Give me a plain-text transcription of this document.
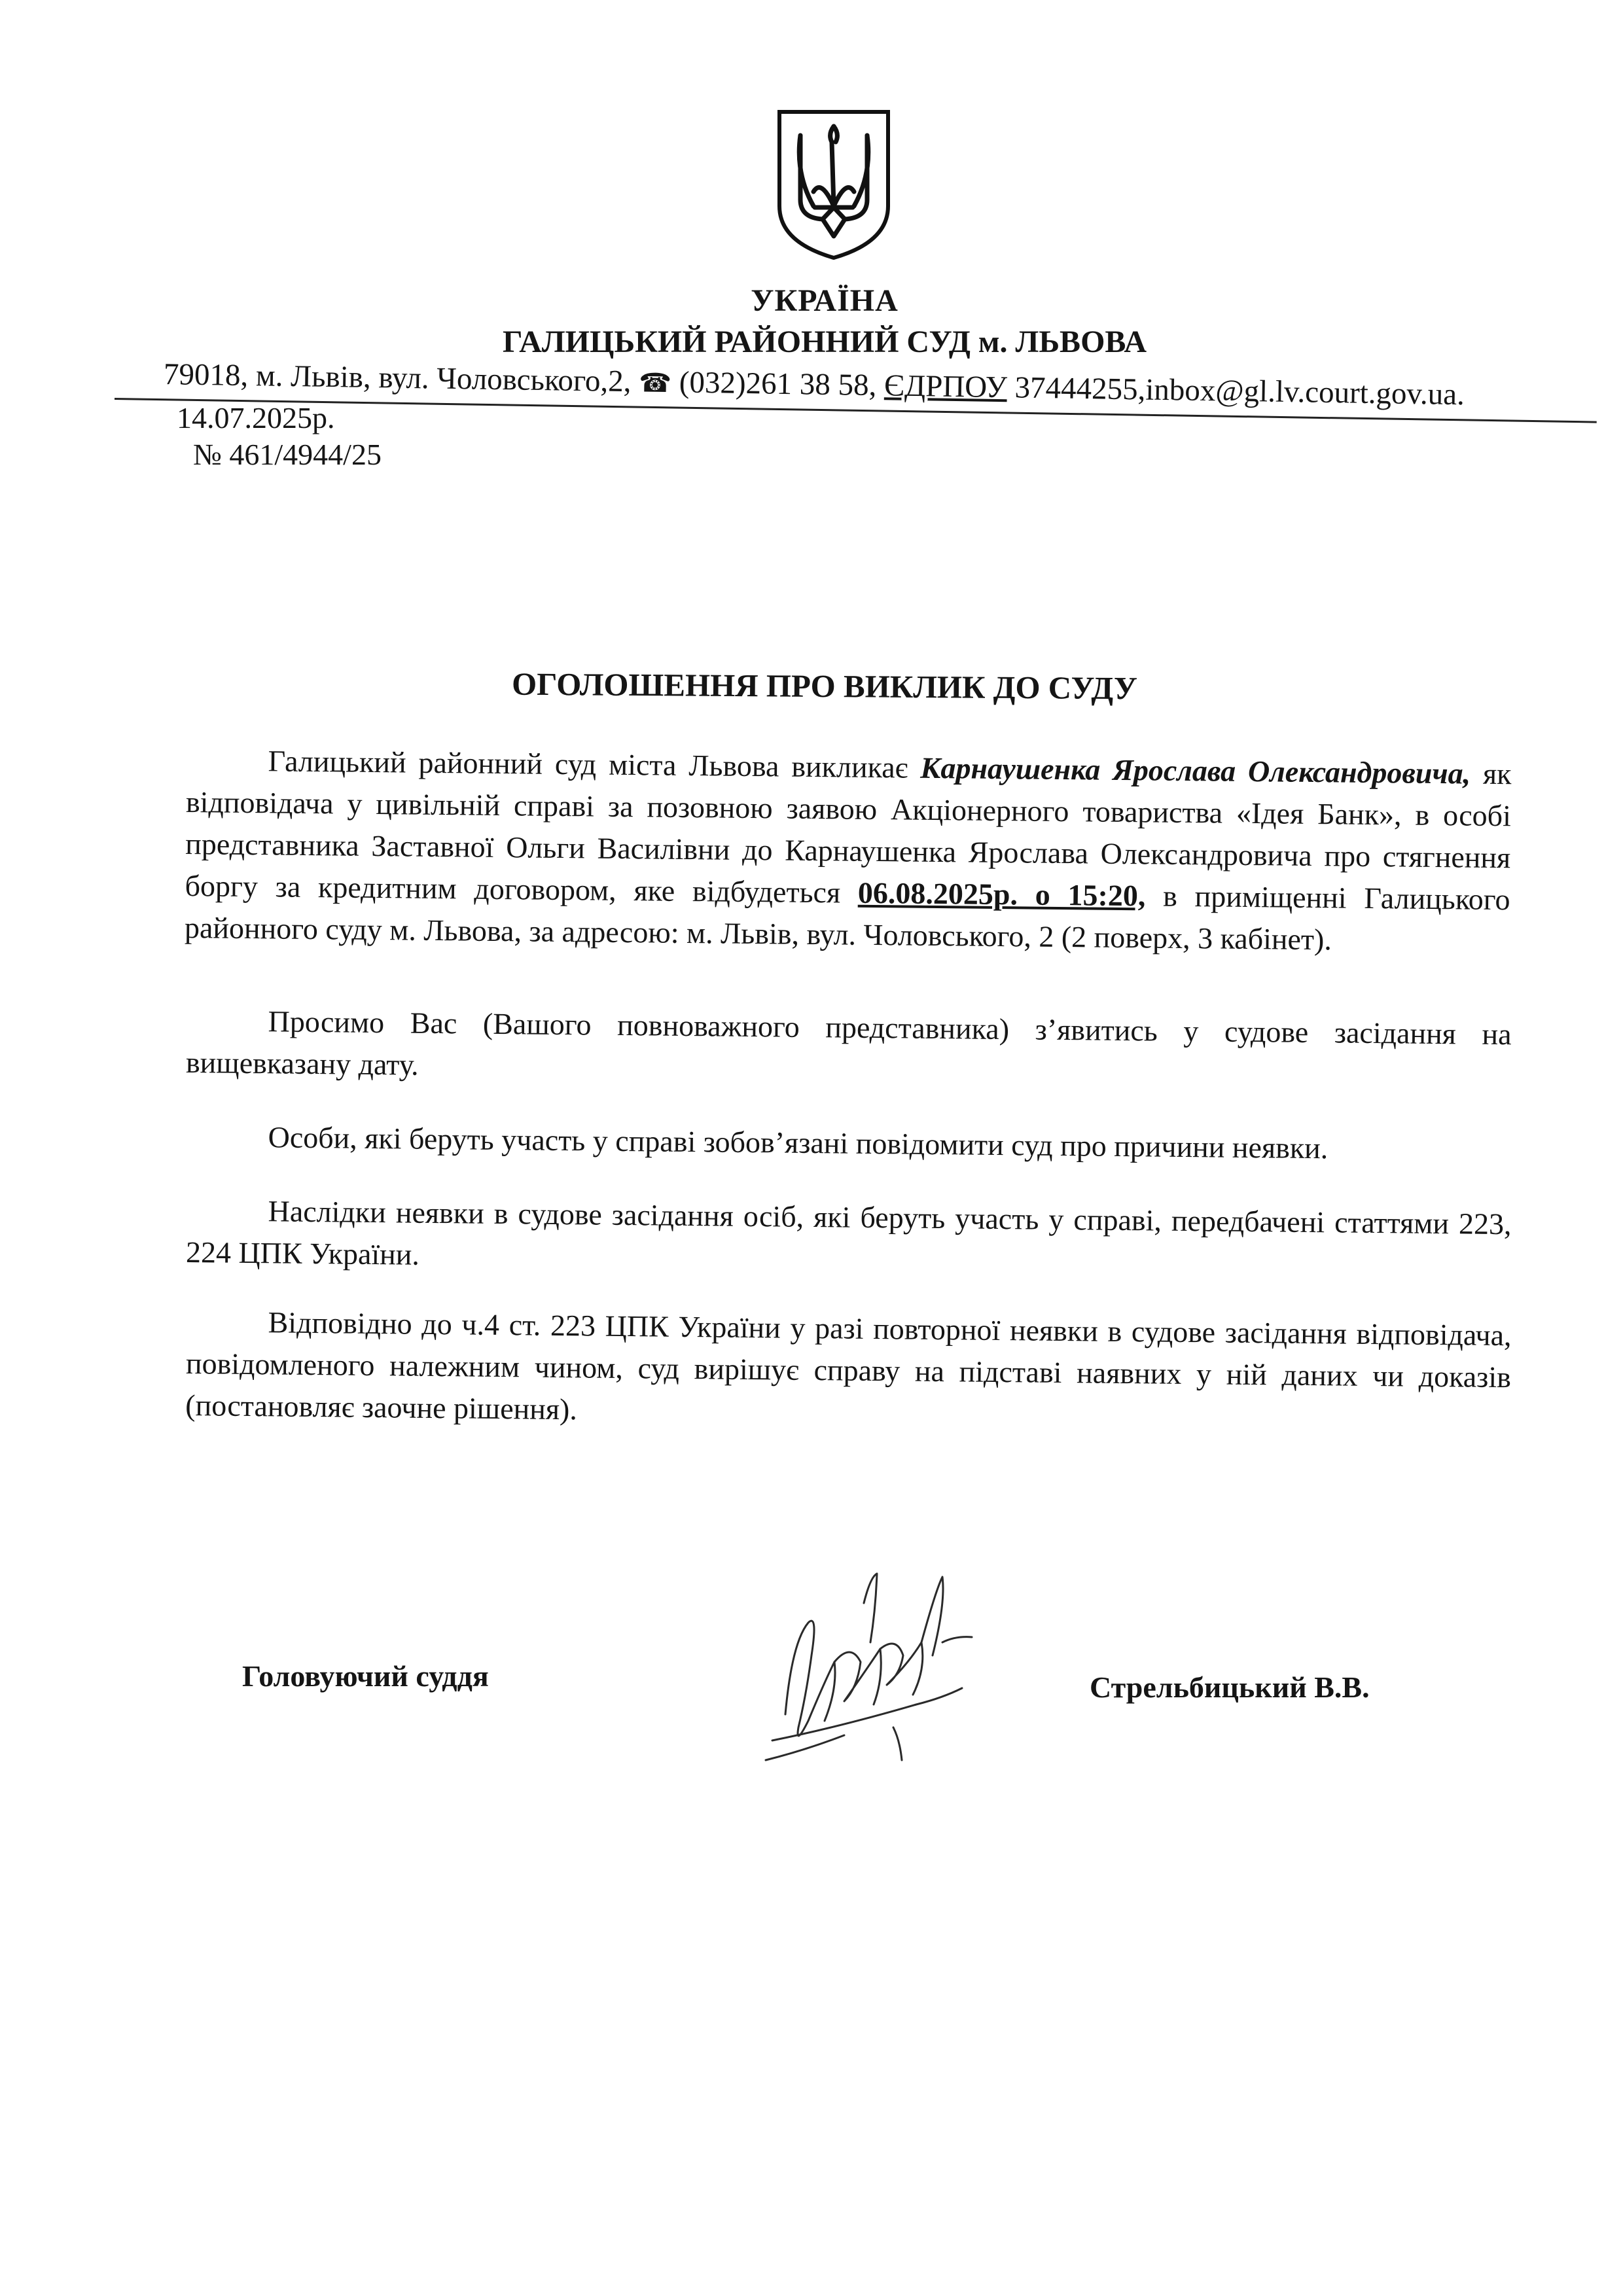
УКРАЇНА
ГАЛИЦЬКИЙ РАЙОННИЙ СУД м. ЛЬВОВА
79018, м. Львів, вул. Чоловського,2, ☎ (032)261 38 58, ЄДРПОУ 37444255,inbox@gl.lv.court.gov.ua.
14.07.2025р.
№ 461/4944/25
ОГОЛОШЕННЯ ПРО ВИКЛИК ДО СУДУ
Галицький районний суд міста Львова викликає Карнаушенка Ярослава Олександровича, як відповідача у цивільній справі за позовною заявою Акціонерного товариства «Ідея Банк», в особі представника Заставної Ольги Василівни до Карнаушенка Ярослава Олександровича про стягнення боргу за кредитним договором, яке відбудеться 06.08.2025р. о 15:20, в приміщенні Галицького районного суду м. Львова, за адресою: м. Львів, вул. Чоловського, 2 (2 поверх, 3 кабінет).
Просимо Вас (Вашого повноважного представника) з’явитись у судове засідання на вищевказану дату.
Особи, які беруть участь у справі зобов’язані повідомити суд про причини неявки.
Наслідки неявки в судове засідання осіб, які беруть участь у справі, передбачені статтями 223, 224 ЦПК України.
Відповідно до ч.4 ст. 223 ЦПК України у разі повторної неявки в судове засідання відповідача, повідомленого належним чином, суд вирішує справу на підставі наявних у ній даних чи доказів (постановляє заочне рішення).
Головуючий суддя	Стрельбицький В.В.
